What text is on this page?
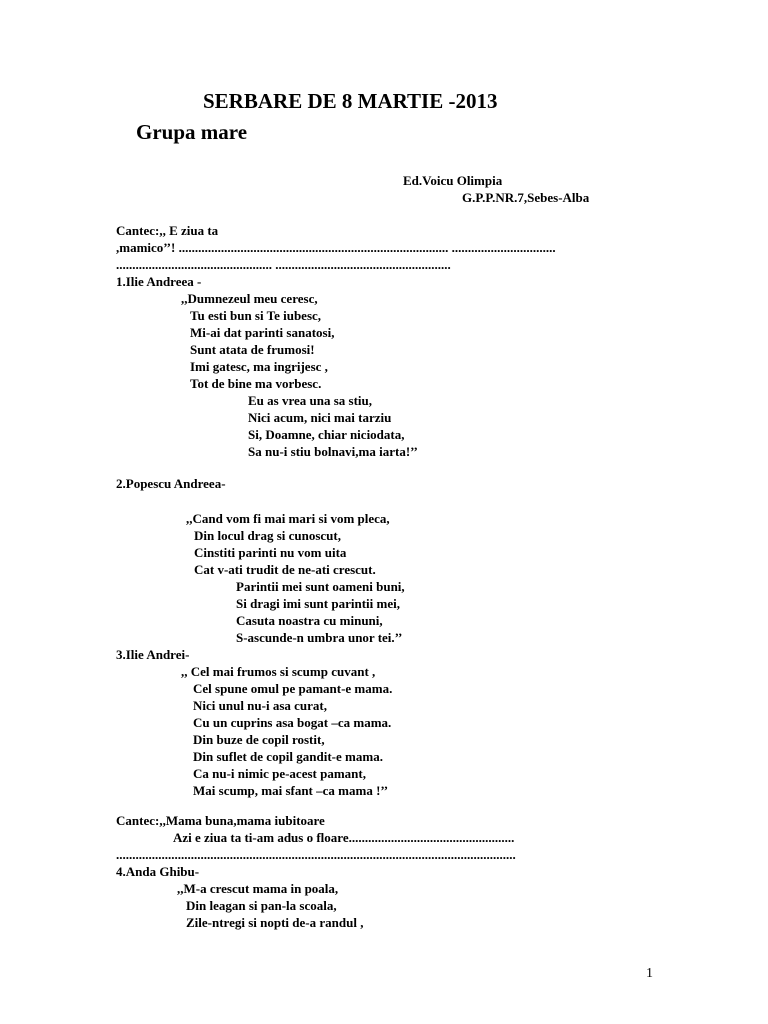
SERBARE DE 8 MARTIE -2013
Grupa mare
Ed.Voicu Olimpia
G.P.P.NR.7,Sebes-Alba
Cantec:,, E ziua ta
,mamico’’! ................................................................................... ................................
................................................ ......................................................
1.Ilie Andreea -
,,Dumnezeul meu ceresc,
Tu esti bun si Te iubesc,
Mi-ai dat parinti sanatosi,
Sunt atata de frumosi!
Imi gatesc, ma ingrijesc ,
Tot de bine ma vorbesc.
Eu as vrea una sa stiu,
Nici acum, nici mai tarziu
Si, Doamne, chiar niciodata,
Sa nu-i stiu bolnavi,ma iarta!’’
2.Popescu Andreea-
,,Cand vom fi mai mari si vom pleca,
Din locul drag si cunoscut,
Cinstiti parinti nu vom uita
Cat v-ati trudit de ne-ati crescut.
Parintii mei sunt oameni buni,
Si dragi imi sunt parintii mei,
Casuta noastra cu minuni,
S-ascunde-n umbra unor tei.’’
3.Ilie Andrei-
,, Cel mai frumos si scump cuvant ,
Cel spune omul pe pamant-e mama.
Nici unul nu-i asa curat,
Cu un cuprins asa bogat –ca mama.
Din buze de copil rostit,
Din suflet de copil gandit-e mama.
Ca nu-i nimic pe-acest pamant,
Mai scump, mai sfant –ca mama !’’
Cantec:,,Mama buna,mama iubitoare
Azi e ziua ta ti-am adus o floare...................................................
...........................................................................................................................
4.Anda Ghibu-
,,M-a crescut mama in poala,
Din leagan si pan-la scoala,
Zile-ntregi si nopti de-a randul ,
1
